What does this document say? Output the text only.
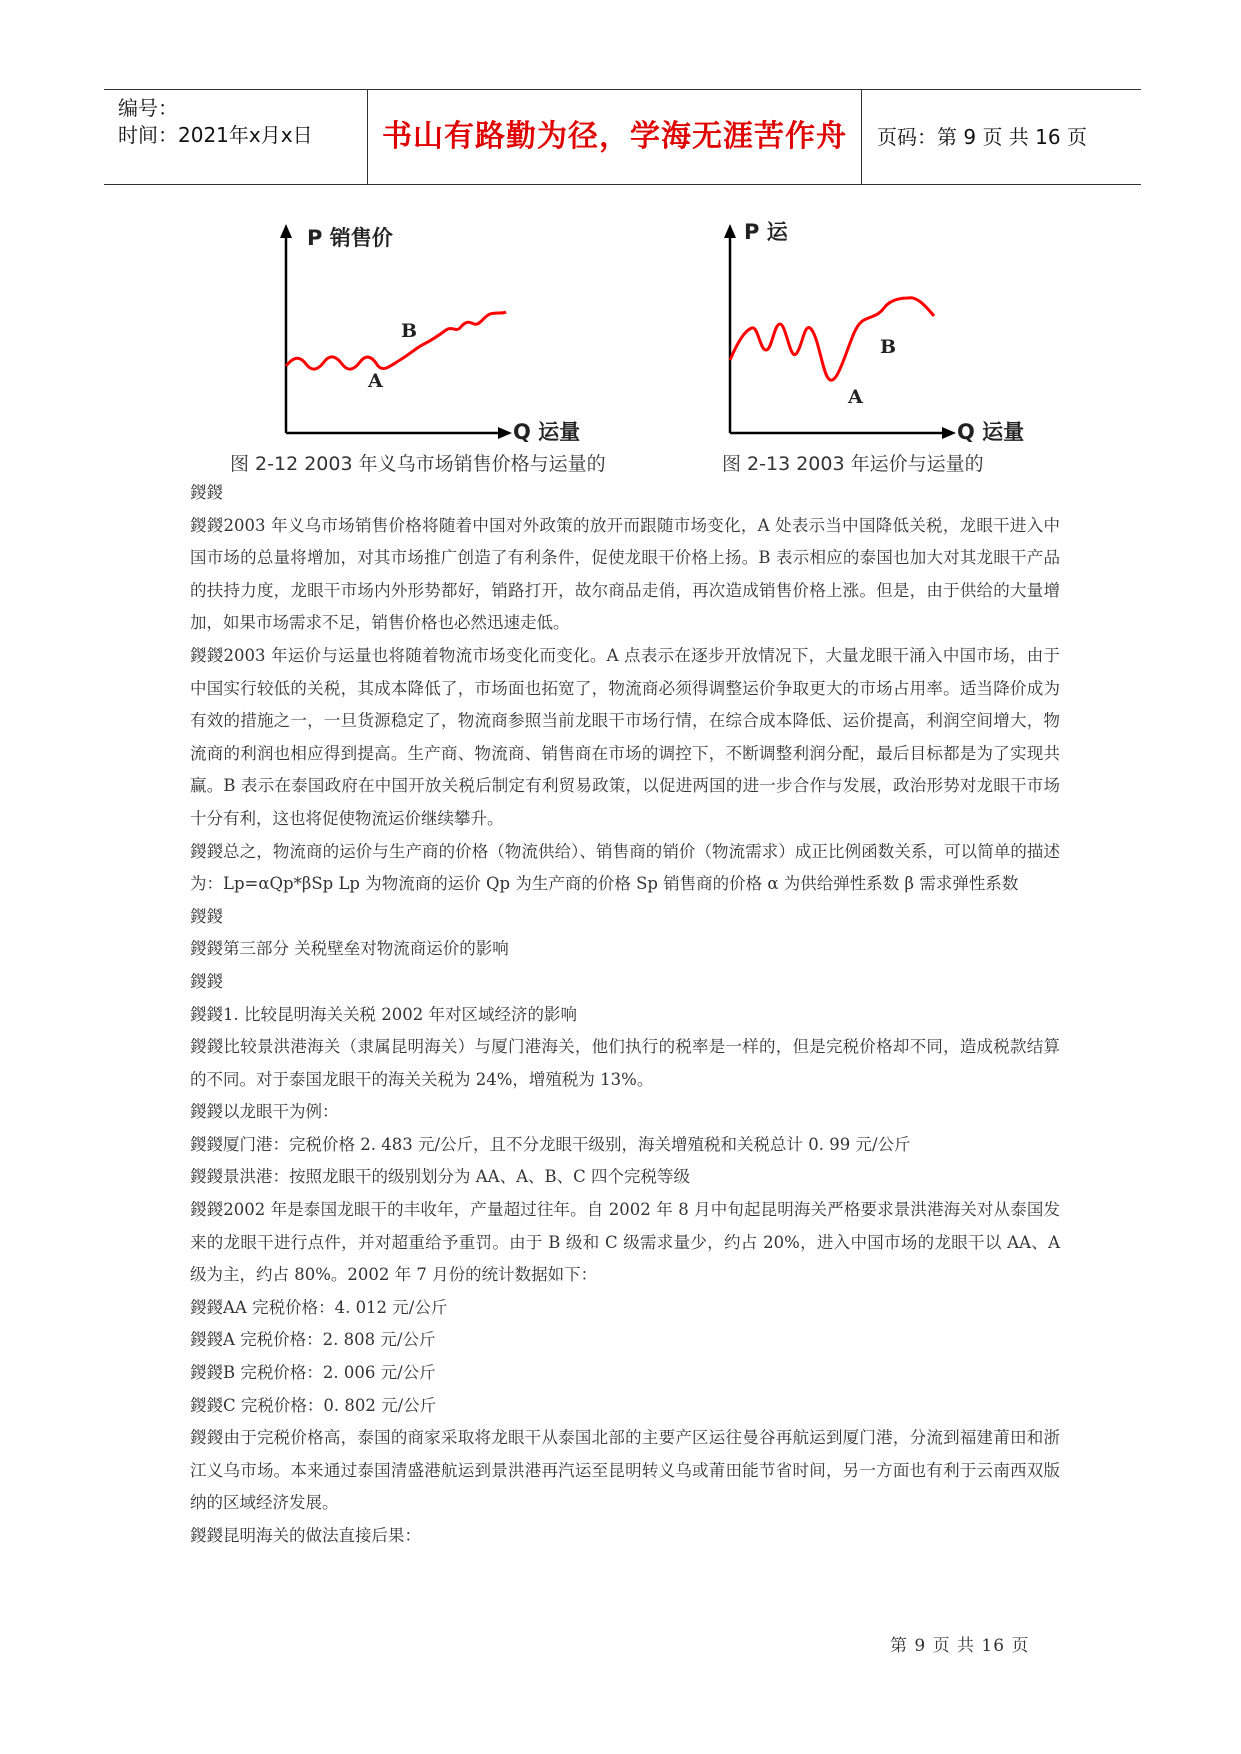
编号：
时间：2021年x月x日	书山有路勤为径，学海无涯苦作舟	页码：第 9 页 共 16 页
P 销售价
Q 运量
A
B
图 2-12 2003 年义乌市场销售价格与运量的
P 运
Q 运量
A
B
图 2-13 2003 年运价与运量的

鍐鍐

鍐鍐2003 年义乌市场销售价格将随着中国对外政策的放开而跟随市场变化，A 处表示当中国降低关税，龙眼干进入中国市场的总量将增加，对其市场推广创造了有利条件，促使龙眼干价格上扬。B 表示相应的泰国也加大对其龙眼干产品的扶持力度，龙眼干市场内外形势都好，销路打开，故尔商品走俏，再次造成销售价格上涨。但是，由于供给的大量增加，如果市场需求不足，销售价格也必然迅速走低。

鍐鍐2003 年运价与运量也将随着物流市场变化而变化。A 点表示在逐步开放情况下，大量龙眼干涌入中国市场，由于中国实行较低的关税，其成本降低了，市场面也拓宽了，物流商必须得调整运价争取更大的市场占用率。适当降价成为有效的措施之一，一旦货源稳定了，物流商参照当前龙眼干市场行情，在综合成本降低、运价提高，利润空间增大，物流商的利润也相应得到提高。生产商、物流商、销售商在市场的调控下，不断调整利润分配，最后目标都是为了实现共赢。B 表示在泰国政府在中国开放关税后制定有利贸易政策，以促进两国的进一步合作与发展，政治形势对龙眼干市场十分有利，这也将促使物流运价继续攀升。

鍐鍐总之，物流商的运价与生产商的价格（物流供给）、销售商的销价（物流需求）成正比例函数关系，可以简单的描述为：Lp=αQp*βSp Lp 为物流商的运价 Qp 为生产商的价格 Sp 销售商的价格 α 为供给弹性系数 β 需求弹性系数

鍐鍐

鍐鍐第三部分 关税壁垒对物流商运价的影响

鍐鍐

鍐鍐1. 比较昆明海关关税 2002 年对区域经济的影响

鍐鍐比较景洪港海关（隶属昆明海关）与厦门港海关，他们执行的税率是一样的，但是完税价格却不同，造成税款结算的不同。对于泰国龙眼干的海关关税为 24%，增殖税为 13%。

鍐鍐以龙眼干为例：

鍐鍐厦门港：完税价格 2. 483 元/公斤，且不分龙眼干级别，海关增殖税和关税总计 0. 99 元/公斤

鍐鍐景洪港：按照龙眼干的级别划分为 AA、A、B、C 四个完税等级

鍐鍐2002 年是泰国龙眼干的丰收年，产量超过往年。自 2002 年 8 月中旬起昆明海关严格要求景洪港海关对从泰国发来的龙眼干进行点件，并对超重给予重罚。由于 B 级和 C 级需求量少，约占 20%，进入中国市场的龙眼干以 AA、A 级为主，约占 80%。2002 年 7 月份的统计数据如下：

鍐鍐AA 完税价格：4. 012 元/公斤

鍐鍐A 完税价格：2. 808 元/公斤

鍐鍐B 完税价格：2. 006 元/公斤

鍐鍐C 完税价格：0. 802 元/公斤

鍐鍐由于完税价格高，泰国的商家采取将龙眼干从泰国北部的主要产区运往曼谷再航运到厦门港，分流到福建莆田和浙江义乌市场。本来通过泰国清盛港航运到景洪港再汽运至昆明转义乌或莆田能节省时间，另一方面也有利于云南西双版纳的区域经济发展。

鍐鍐昆明海关的做法直接后果：

第 9 页 共 16 页
